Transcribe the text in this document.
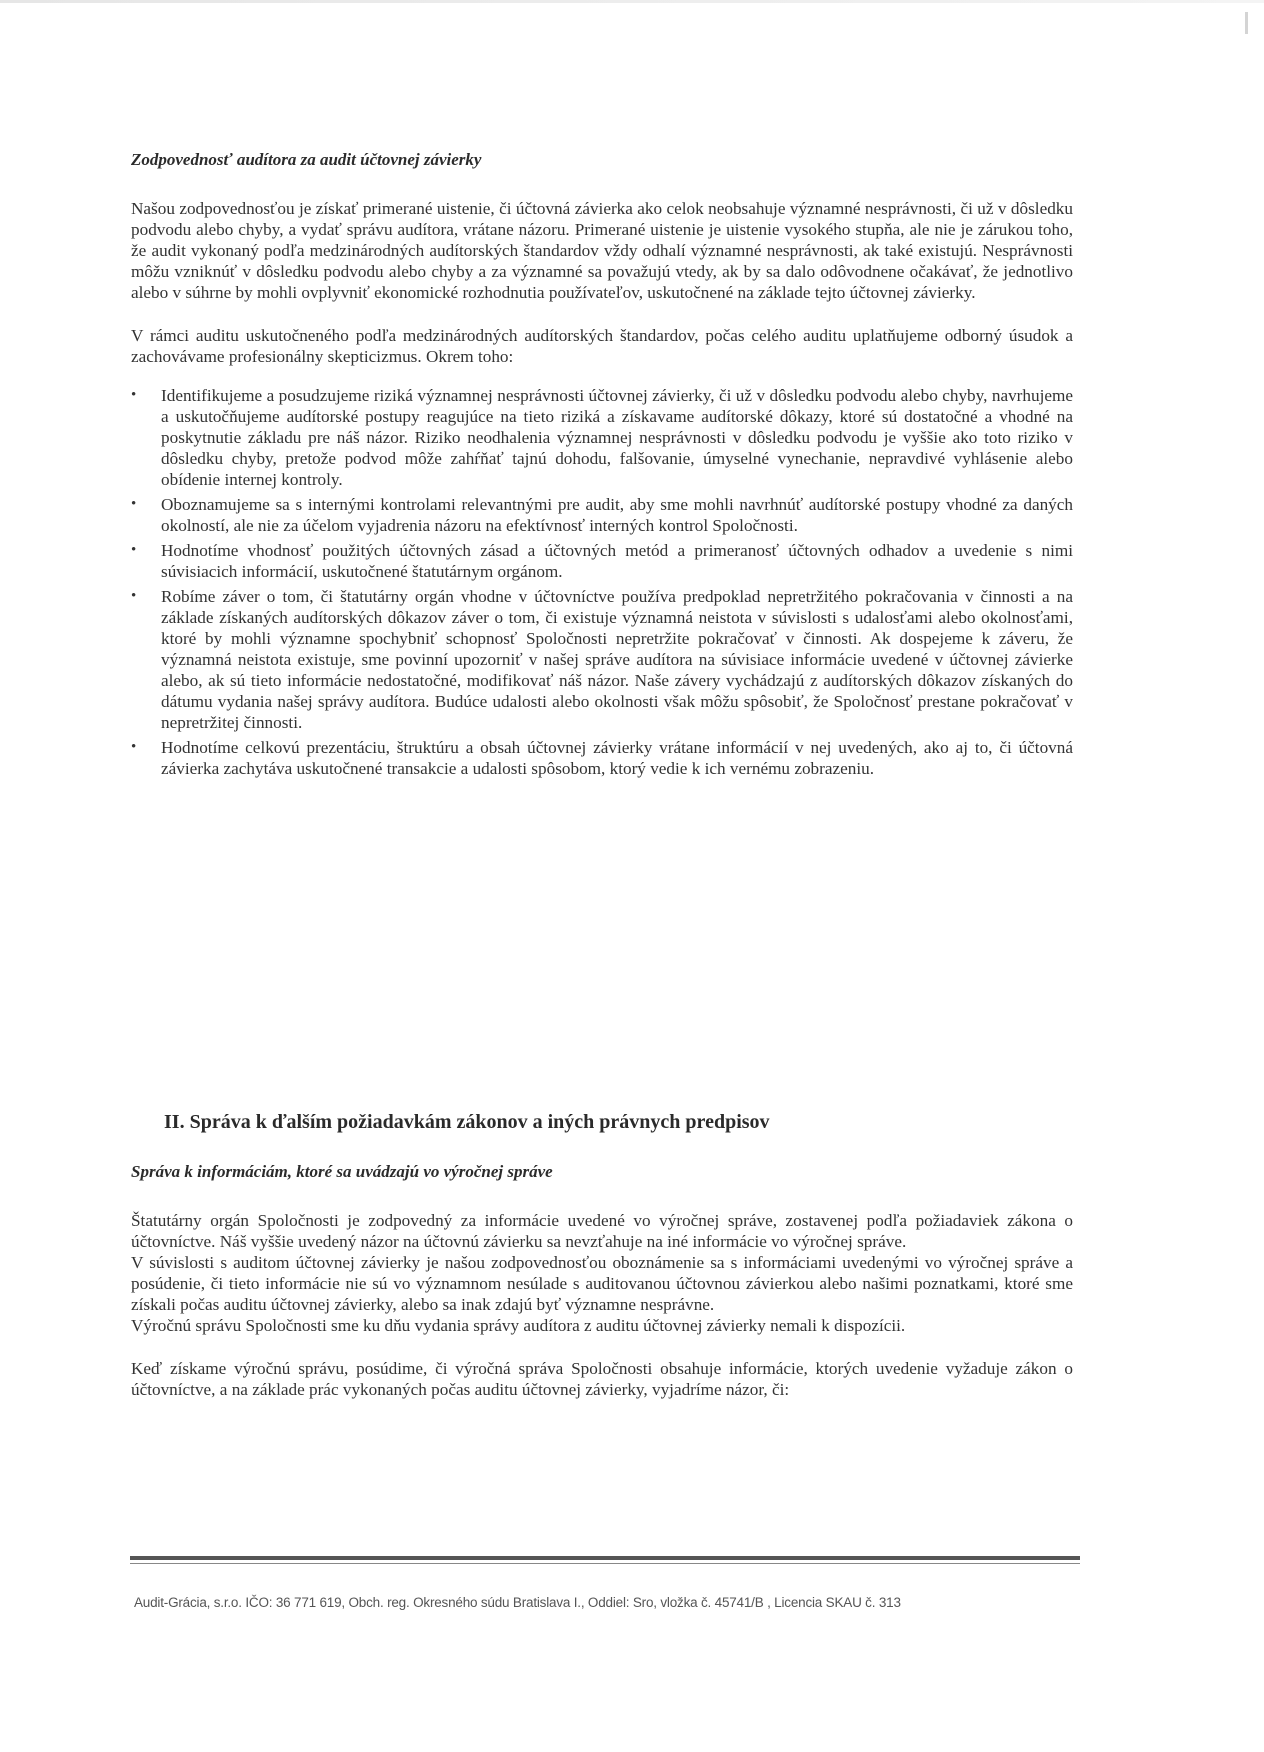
Zodpovednosť audítora za audit účtovnej závierky

Našou zodpovednosťou je získať primerané uistenie, či účtovná závierka ako celok neobsahuje významné nesprávnosti, či už v dôsledku podvodu alebo chyby, a vydať správu audítora, vrátane názoru. Primerané uistenie je uistenie vysokého stupňa, ale nie je zárukou toho, že audit vykonaný podľa medzinárodných audítorských štandardov vždy odhalí významné nesprávnosti, ak také existujú. Nesprávnosti môžu vzniknúť v dôsledku podvodu alebo chyby a za významné sa považujú vtedy, ak by sa dalo odôvodnene očakávať, že jednotlivo alebo v súhrne by mohli ovplyvniť ekonomické rozhodnutia používateľov, uskutočnené na základe tejto účtovnej závierky.

V rámci auditu uskutočneného podľa medzinárodných audítorských štandardov, počas celého auditu uplatňujeme odborný úsudok a zachovávame profesionálny skepticizmus. Okrem toho:

•	Identifikujeme a posudzujeme riziká významnej nesprávnosti účtovnej závierky, či už v dôsledku podvodu alebo chyby, navrhujeme a uskutočňujeme audítorské postupy reagujúce na tieto riziká a získavame audítorské dôkazy, ktoré sú dostatočné a vhodné na poskytnutie základu pre náš názor. Riziko neodhalenia významnej nesprávnosti v dôsledku podvodu je vyššie ako toto riziko v dôsledku chyby, pretože podvod môže zahŕňať tajnú dohodu, falšovanie, úmyselné vynechanie, nepravdivé vyhlásenie alebo obídenie internej kontroly.
•	Oboznamujeme sa s internými kontrolami relevantnými pre audit, aby sme mohli navrhnúť audítorské postupy vhodné za daných okolností, ale nie za účelom vyjadrenia názoru na efektívnosť interných kontrol Spoločnosti.
•	Hodnotíme vhodnosť použitých účtovných zásad a účtovných metód a primeranosť účtovných odhadov a uvedenie s nimi súvisiacich informácií, uskutočnené štatutárnym orgánom.
•	Robíme záver o tom, či štatutárny orgán vhodne v účtovníctve používa predpoklad nepretržitého pokračovania v činnosti a na základe získaných audítorských dôkazov záver o tom, či existuje významná neistota v súvislosti s udalosťami alebo okolnosťami, ktoré by mohli významne spochybniť schopnosť Spoločnosti nepretržite pokračovať v činnosti. Ak dospejeme k záveru, že významná neistota existuje, sme povinní upozorniť v našej správe audítora na súvisiace informácie uvedené v účtovnej závierke alebo, ak sú tieto informácie nedostatočné, modifikovať náš názor. Naše závery vychádzajú z audítorských dôkazov získaných do dátumu vydania našej správy audítora. Budúce udalosti alebo okolnosti však môžu spôsobiť, že Spoločnosť prestane pokračovať v nepretržitej činnosti.
•	Hodnotíme celkovú prezentáciu, štruktúru a obsah účtovnej závierky vrátane informácií v nej uvedených, ako aj to, či účtovná závierka zachytáva uskutočnené transakcie a udalosti spôsobom, ktorý vedie k ich vernému zobrazeniu.
II. Správa k ďalším požiadavkám zákonov a iných právnych predpisov

Správa k informáciám, ktoré sa uvádzajú vo výročnej správe

Štatutárny orgán Spoločnosti je zodpovedný za informácie uvedené vo výročnej správe, zostavenej podľa požiadaviek zákona o účtovníctve. Náš vyššie uvedený názor na účtovnú závierku sa nevzťahuje na iné informácie vo výročnej správe.

V súvislosti s auditom účtovnej závierky je našou zodpovednosťou oboznámenie sa s informáciami uvedenými vo výročnej správe a posúdenie, či tieto informácie nie sú vo významnom nesúlade s auditovanou účtovnou závierkou alebo našimi poznatkami, ktoré sme získali počas auditu účtovnej závierky, alebo sa inak zdajú byť významne nesprávne.

Výročnú správu Spoločnosti sme ku dňu vydania správy audítora z auditu účtovnej závierky nemali k dispozícii.

Keď získame výročnú správu, posúdime, či výročná správa Spoločnosti obsahuje informácie, ktorých uvedenie vyžaduje zákon o účtovníctve, a na základe prác vykonaných počas auditu účtovnej závierky, vyjadríme názor, či:

Audit-Grácia, s.r.o. IČO: 36 771 619, Obch. reg. Okresného súdu Bratislava I., Oddiel: Sro, vložka č. 45741/B , Licencia SKAU č. 313
